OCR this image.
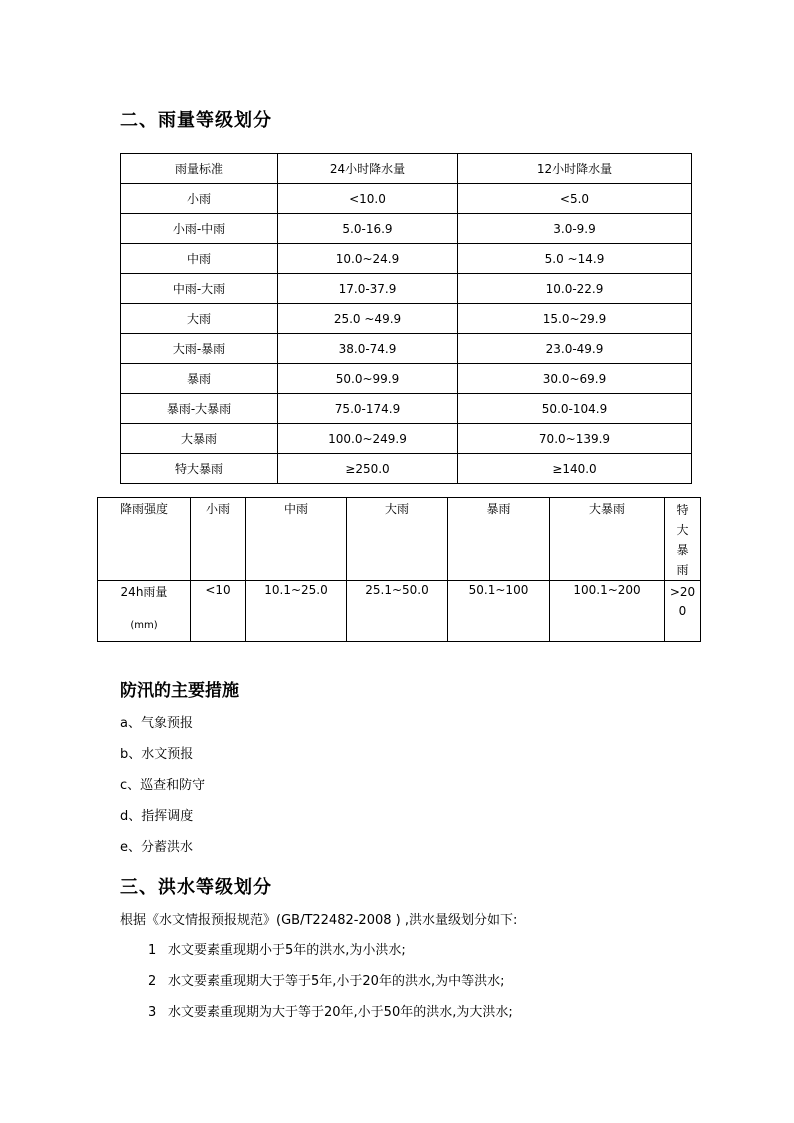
二、雨量等级划分
雨量标准	24小时降水量	12小时降水量
小雨	<10.0	<5.0
小雨-中雨	5.0-16.9	3.0-9.9
中雨	10.0~24.9	5.0 ~14.9
中雨-大雨	17.0-37.9	10.0-22.9
大雨	25.0 ~49.9	15.0~29.9
大雨-暴雨	38.0-74.9	23.0-49.9
暴雨	50.0~99.9	30.0~69.9
暴雨-大暴雨	75.0-174.9	50.0-104.9
大暴雨	100.0~249.9	70.0~139.9
特大暴雨	≥250.0	≥140.0
降雨强度	小雨	中雨	大雨	暴雨	大暴雨	特大暴雨

24h雨量
(mm)	<10	10.1~25.0	25.1~50.0	50.1~100	100.1~200	>200
防汛的主要措施
a、气象预报
b、水文预报
c、巡查和防守
d、指挥调度
e、分蓄洪水
三、洪水等级划分

根据《水文情报预报规范》(GB/T22482-2008 ) ,洪水量级划分如下:

1 水文要素重现期小于5年的洪水,为小洪水;
2 水文要素重现期大于等于5年,小于20年的洪水,为中等洪水;
3 水文要素重现期为大于等于20年,小于50年的洪水,为大洪水;
